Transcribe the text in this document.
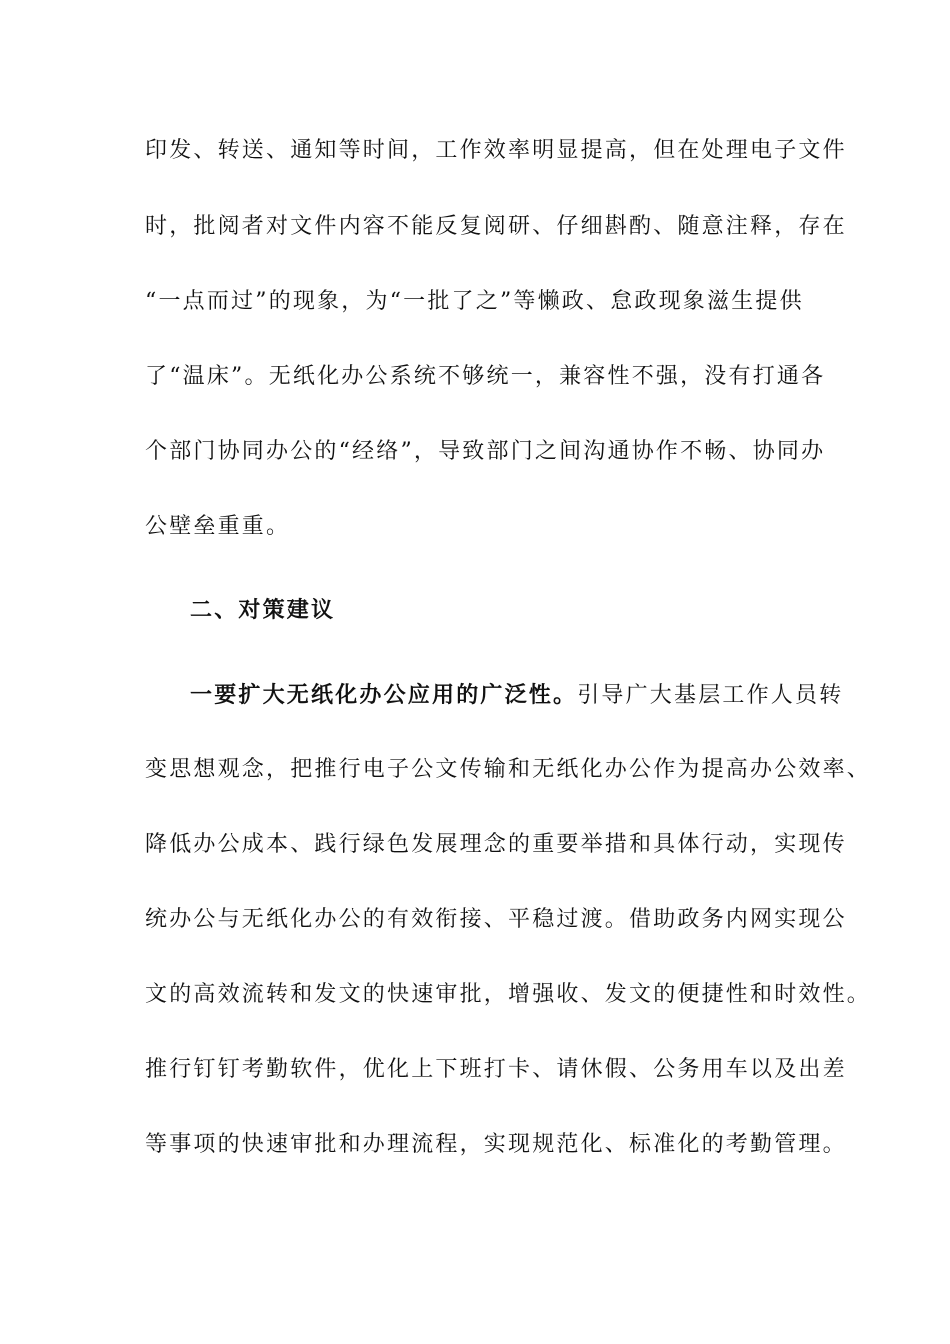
印发、转送、通知等时间，工作效率明显提高，但在处理电子文件
时，批阅者对文件内容不能反复阅研、仔细斟酌、随意注释，存在
“一点而过”的现象，为“一批了之”等懒政、怠政现象滋生提供
了“温床”。无纸化办公系统不够统一，兼容性不强，没有打通各
个部门协同办公的“经络”，导致部门之间沟通协作不畅、协同办
公壁垒重重。
二、对策建议
一要扩大无纸化办公应用的广泛性。引导广大基层工作人员转
变思想观念，把推行电子公文传输和无纸化办公作为提高办公效率、
降低办公成本、践行绿色发展理念的重要举措和具体行动，实现传
统办公与无纸化办公的有效衔接、平稳过渡。借助政务内网实现公
文的高效流转和发文的快速审批，增强收、发文的便捷性和时效性。
推行钉钉考勤软件，优化上下班打卡、请休假、公务用车以及出差
等事项的快速审批和办理流程，实现规范化、标准化的考勤管理。
